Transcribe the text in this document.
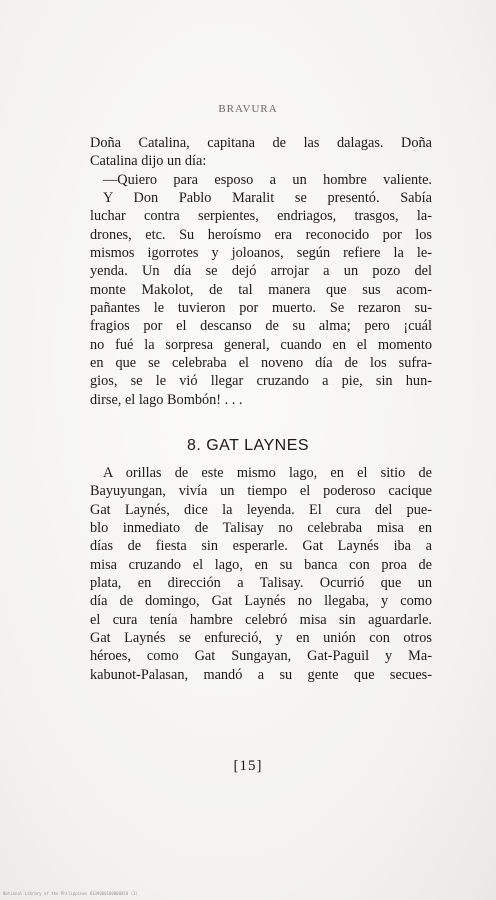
BRAVURA
Doña Catalina, capitana de las dalagas. Doña
Catalina dijo un día:
—Quiero para esposo a un hombre valiente.
Y Don Pablo Maralit se presentó. Sabía
luchar contra serpientes, endriagos, trasgos, la-
drones, etc. Su heroísmo era reconocido por los
mismos igorrotes y joloanos, según refiere la le-
yenda. Un día se dejó arrojar a un pozo del
monte Makolot, de tal manera que sus acom-
pañantes le tuvieron por muerto. Se rezaron su-
fragios por el descanso de su alma; pero ¡cuál
no fué la sorpresa general, cuando en el momento
en que se celebraba el noveno día de los sufra-
gios, se le vió llegar cruzando a pie, sin hun-
dirse, el lago Bombón! . . .
8. GAT LAYNES
A orillas de este mismo lago, en el sitio de
Bayuyungan, vivía un tiempo el poderoso cacique
Gat Laynés, dice la leyenda. El cura del pue-
blo inmediato de Talisay no celebraba misa en
días de fiesta sin esperarle. Gat Laynés iba a
misa cruzando el lago, en su banca con proa de
plata, en dirección a Talisay. Ocurrió que un
día de domingo, Gat Laynés no llegaba, y como
el cura tenía hambre celebró misa sin aguardarle.
Gat Laynés se enfureció, y en unión con otros
héroes, como Gat Sungayan, Gat-Paguil y Ma-
kabunot-Palasan, mandó a su gente que secues-
[15]
National Library of the Philippines 0339000100000010 (1)
